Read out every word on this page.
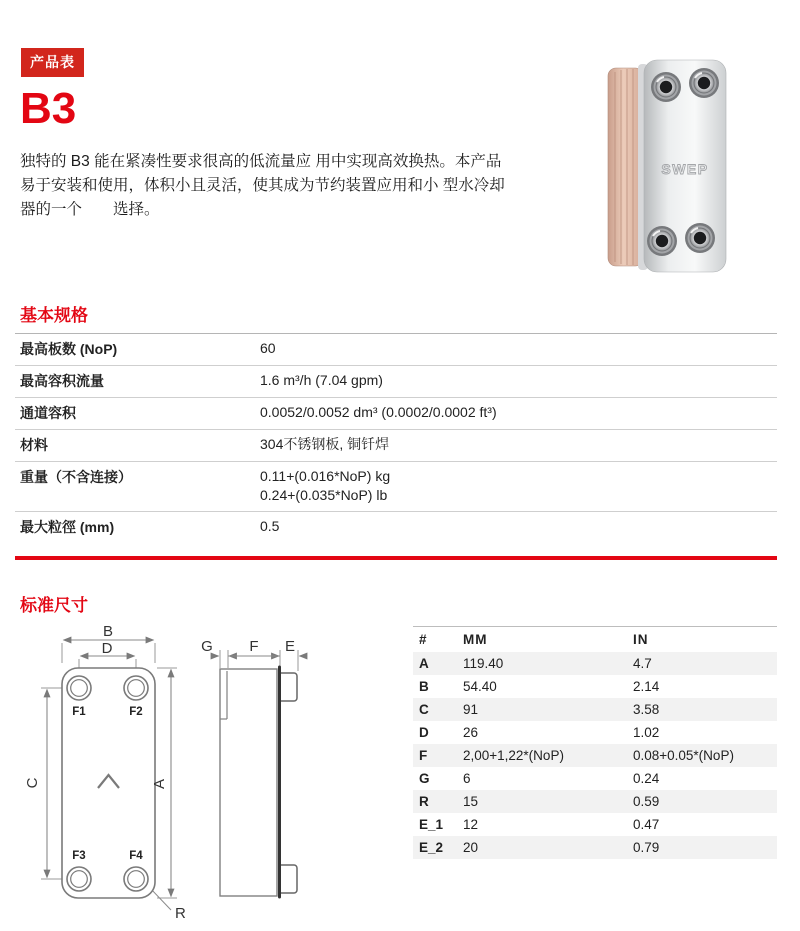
产品表
B3
独特的 B3 能在紧凑性要求很高的低流量应 用中实现高效换热。本产品
易于安装和使用，体积小且灵活，使其成为节约装置应用和小 型水冷却
器的一个　　选择。
SWEP
基本规格
最高板数 (NoP)	60

最高容积流量	1.6 m³/h (7.04 gpm)

通道容积	0.0052/0.0052 dm³ (0.0002/0.0002 ft³)

材料	304不锈钢板, 铜钎焊

重量（不含连接）	0.11+(0.016*NoP) kg
0.24+(0.035*NoP) lb

最大粒徑 (mm)	0.5
标准尺寸
B
D
C	A
R
F1	F2
F3	F4
G F E	#	MM	IN
A	119.40	4.7
B	54.40	2.14
C	91	3.58
D	26	1.02
F	2,00+1,22*(NoP)	0.08+0.05*(NoP)
G	6	0.24
R	15	0.59
E_1	12	0.47
E_2	20	0.79
